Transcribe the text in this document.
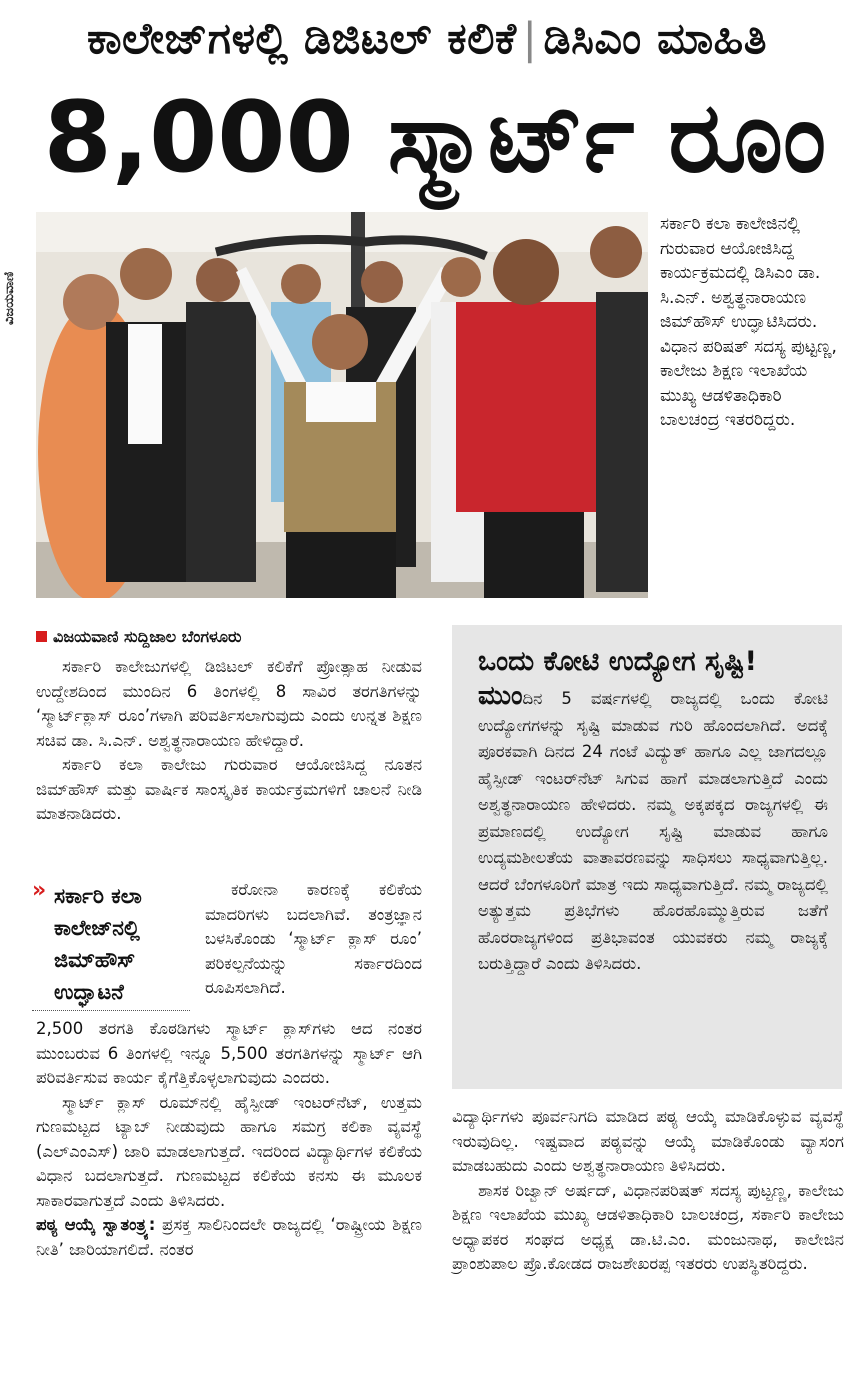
ಕಾಲೇಜ್‌ಗಳಲ್ಲಿ ಡಿಜಿಟಲ್ ಕಲಿಕೆ | ಡಿಸಿಎಂ ಮಾಹಿತಿ
8,000 ಸ್ಮಾರ್ಟ್ ರೂಂ
ವಿಜಯವಾಣಿ
ಸರ್ಕಾರಿ ಕಲಾ ಕಾಲೇಜಿನಲ್ಲಿ ಗುರುವಾರ ಆಯೋಜಿಸಿದ್ದ ಕಾರ್ಯಕ್ರಮದಲ್ಲಿ ಡಿಸಿಎಂ ಡಾ. ಸಿ.ಎನ್. ಅಶ್ವತ್ಥನಾರಾಯಣ ಜಿಮ್‌ಹೌಸ್ ಉದ್ಘಾಟಿಸಿದರು. ವಿಧಾನ ಪರಿಷತ್ ಸದಸ್ಯ ಪುಟ್ಟಣ್ಣ, ಕಾಲೇಜು ಶಿಕ್ಷಣ ಇಲಾಖೆಯ ಮುಖ್ಯ ಆಡಳಿತಾಧಿಕಾರಿ ಬಾಲಚಂದ್ರ ಇತರರಿದ್ದರು.
ವಿಜಯವಾಣಿ ಸುದ್ದಿಜಾಲ ಬೆಂಗಳೂರು

ಸರ್ಕಾರಿ ಕಾಲೇಜುಗಳಲ್ಲಿ ಡಿಜಿಟಲ್ ಕಲಿಕೆಗೆ ಪ್ರೋತ್ಸಾಹ ನೀಡುವ ಉದ್ದೇಶದಿಂದ ಮುಂದಿನ 6 ತಿಂಗಳಲ್ಲಿ 8 ಸಾವಿರ ತರಗತಿಗಳನ್ನು ‘ಸ್ಮಾರ್ಟ್‌ಕ್ಲಾಸ್ ರೂಂ’ಗಳಾಗಿ ಪರಿವರ್ತಿಸಲಾಗುವುದು ಎಂದು ಉನ್ನತ ಶಿಕ್ಷಣ ಸಚಿವ ಡಾ. ಸಿ.ಎನ್. ಅಶ್ವತ್ಥನಾರಾಯಣ ಹೇಳಿದ್ದಾರೆ.

ಸರ್ಕಾರಿ ಕಲಾ ಕಾಲೇಜು ಗುರುವಾರ ಆಯೋಜಿಸಿದ್ದ ನೂತನ ಜಿಮ್‌ಹೌಸ್ ಮತ್ತು ವಾರ್ಷಿಕ ಸಾಂಸ್ಕೃತಿಕ ಕಾರ್ಯಕ್ರಮಗಳಿಗೆ ಚಾಲನೆ ನೀಡಿ ಮಾತನಾಡಿದರು.

» ಸರ್ಕಾರಿ ಕಲಾ ಕಾಲೇಜ್‌ನಲ್ಲಿ ಜಿಮ್‌ಹೌಸ್ ಉದ್ಘಾಟನೆ

ಕರೋನಾ ಕಾರಣಕ್ಕೆ ಕಲಿಕೆಯ ಮಾದರಿಗಳು ಬದಲಾಗಿವೆ. ತಂತ್ರಜ್ಞಾನ ಬಳಸಿಕೊಂಡು ‘ಸ್ಮಾರ್ಟ್ ಕ್ಲಾಸ್ ರೂಂ’ ಪರಿಕಲ್ಪನೆಯನ್ನು ಸರ್ಕಾರದಿಂದ ರೂಪಿಸಲಾಗಿದೆ.

2,500 ತರಗತಿ ಕೊಠಡಿಗಳು ಸ್ಮಾರ್ಟ್ ಕ್ಲಾಸ್‌ಗಳು ಆದ ನಂತರ ಮುಂಬರುವ 6 ತಿಂಗಳಲ್ಲಿ ಇನ್ನೂ 5,500 ತರಗತಿಗಳನ್ನು ಸ್ಮಾರ್ಟ್ ಆಗಿ ಪರಿವರ್ತಿಸುವ ಕಾರ್ಯ ಕೈಗೆತ್ತಿಕೊಳ್ಳಲಾಗುವುದು ಎಂದರು.

ಸ್ಮಾರ್ಟ್ ಕ್ಲಾಸ್ ರೂಮ್‌ನಲ್ಲಿ ಹೈಸ್ಪೀಡ್ ಇಂಟರ್‌ನೆಟ್, ಉತ್ತಮ ಗುಣಮಟ್ಟದ ಟ್ಯಾಬ್ ನೀಡುವುದು ಹಾಗೂ ಸಮಗ್ರ ಕಲಿಕಾ ವ್ಯವಸ್ಥೆ (ಎಲ್‌ಎಂಎಸ್) ಜಾರಿ ಮಾಡಲಾಗುತ್ತದೆ. ಇದರಿಂದ ವಿದ್ಯಾರ್ಥಿಗಳ ಕಲಿಕೆಯ ವಿಧಾನ ಬದಲಾಗುತ್ತದೆ. ಗುಣಮಟ್ಟದ ಕಲಿಕೆಯ ಕನಸು ಈ ಮೂಲಕ ಸಾಕಾರವಾಗುತ್ತದೆ ಎಂದು ತಿಳಿಸಿದರು.

ಪಠ್ಯ ಆಯ್ಕೆ ಸ್ವಾತಂತ್ರ್ಯ: ಪ್ರಸಕ್ತ ಸಾಲಿನಿಂದಲೇ ರಾಜ್ಯದಲ್ಲಿ ‘ರಾಷ್ಟ್ರೀಯ ಶಿಕ್ಷಣ ನೀತಿ’ ಜಾರಿಯಾಗಲಿದೆ. ನಂತರ

ಒಂದು ಕೋಟಿ ಉದ್ಯೋಗ ಸೃಷ್ಟಿ!
ಮುಂದಿನ 5 ವರ್ಷಗಳಲ್ಲಿ ರಾಜ್ಯದಲ್ಲಿ ಒಂದು ಕೋಟಿ ಉದ್ಯೋಗಗಳನ್ನು ಸೃಷ್ಟಿ ಮಾಡುವ ಗುರಿ ಹೊಂದಲಾಗಿದೆ. ಅದಕ್ಕೆ ಪೂರಕವಾಗಿ ದಿನದ 24 ಗಂಟೆ ವಿದ್ಯುತ್ ಹಾಗೂ ಎಲ್ಲ ಜಾಗದಲ್ಲೂ ಹೈಸ್ಪೀಡ್ ಇಂಟರ್‌ನೆಟ್ ಸಿಗುವ ಹಾಗೆ ಮಾಡಲಾಗುತ್ತಿದೆ ಎಂದು ಅಶ್ವತ್ಥನಾರಾಯಣ ಹೇಳಿದರು. ನಮ್ಮ ಅಕ್ಕಪಕ್ಕದ ರಾಜ್ಯಗಳಲ್ಲಿ ಈ ಪ್ರಮಾಣದಲ್ಲಿ ಉದ್ಯೋಗ ಸೃಷ್ಟಿ ಮಾಡುವ ಹಾಗೂ ಉದ್ಯಮಶೀಲತೆಯ ವಾತಾವರಣವನ್ನು ಸಾಧಿಸಲು ಸಾಧ್ಯವಾಗುತ್ತಿಲ್ಲ. ಆದರೆ ಬೆಂಗಳೂರಿಗೆ ಮಾತ್ರ ಇದು ಸಾಧ್ಯವಾಗುತ್ತಿದೆ. ನಮ್ಮ ರಾಜ್ಯದಲ್ಲಿ ಅತ್ಯುತ್ತಮ ಪ್ರತಿಭೆಗಳು ಹೊರಹೊಮ್ಮುತ್ತಿರುವ ಜತೆಗೆ ಹೊರರಾಜ್ಯಗಳಿಂದ ಪ್ರತಿಭಾವಂತ ಯುವಕರು ನಮ್ಮ ರಾಜ್ಯಕ್ಕೆ ಬರುತ್ತಿದ್ದಾರೆ ಎಂದು ತಿಳಿಸಿದರು.

ವಿದ್ಯಾರ್ಥಿಗಳು ಪೂರ್ವನಿಗದಿ ಮಾಡಿದ ಪಠ್ಯ ಆಯ್ಕೆ ಮಾಡಿಕೊಳ್ಳುವ ವ್ಯವಸ್ಥೆ ಇರುವುದಿಲ್ಲ. ಇಷ್ಟವಾದ ಪಠ್ಯವನ್ನು ಆಯ್ಕೆ ಮಾಡಿಕೊಂಡು ವ್ಯಾಸಂಗ ಮಾಡಬಹುದು ಎಂದು ಅಶ್ವತ್ಥನಾರಾಯಣ ತಿಳಿಸಿದರು.

ಶಾಸಕ ರಿಜ್ವಾನ್ ಅರ್ಷದ್, ವಿಧಾನಪರಿಷತ್ ಸದಸ್ಯ ಪುಟ್ಟಣ್ಣ, ಕಾಲೇಜು ಶಿಕ್ಷಣ ಇಲಾಖೆಯ ಮುಖ್ಯ ಆಡಳಿತಾಧಿಕಾರಿ ಬಾಲಚಂದ್ರ, ಸರ್ಕಾರಿ ಕಾಲೇಜು ಅಧ್ಯಾಪಕರ ಸಂಘದ ಅಧ್ಯಕ್ಷ ಡಾ.ಟಿ.ಎಂ. ಮಂಜುನಾಥ, ಕಾಲೇಜಿನ ಪ್ರಾಂಶುಪಾಲ ಪ್ರೊ.ಕೋಡದ ರಾಜಶೇಖರಪ್ಪ ಇತರರು ಉಪಸ್ಥಿತರಿದ್ದರು.
